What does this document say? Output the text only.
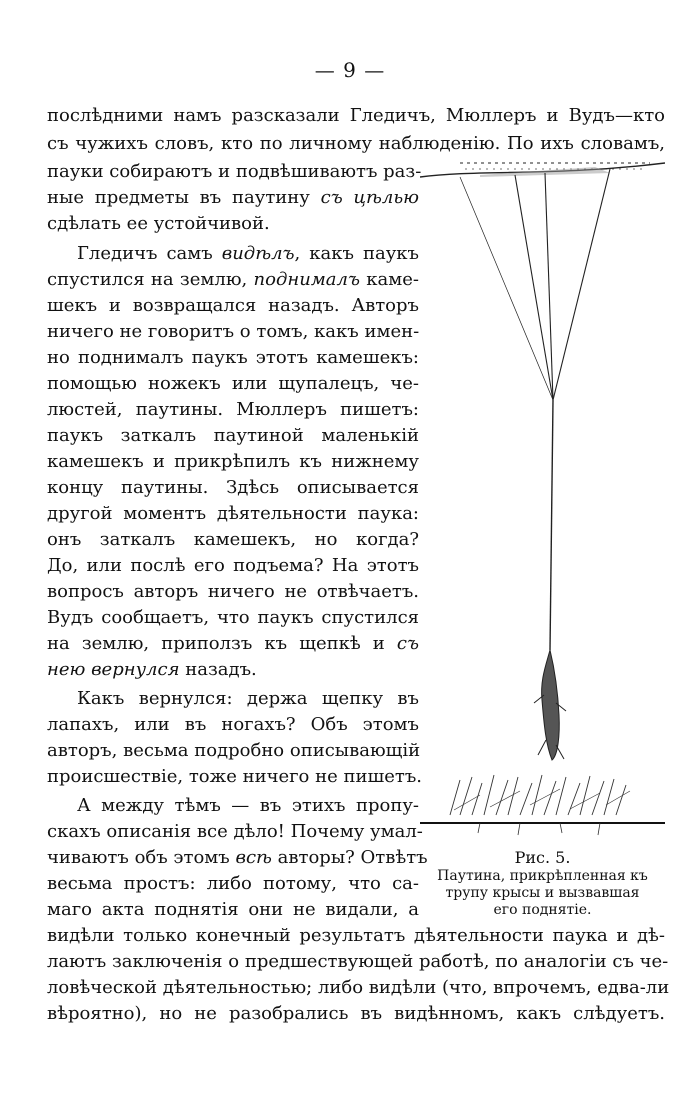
— 9 —
послѣдними намъ разсказали Гледичъ, Мюллеръ и Вудъ—кто
съ чужихъ словъ, кто по личному наблюденію. По ихъ словамъ,
пауки собираютъ и подвѣшиваютъ раз-
ные предметы въ паутину съ цѣлью
сдѣлать ее устойчивой.
Гледичъ самъ видѣлъ, какъ паукъ
спустился на землю, поднималъ каме-
шекъ и возвращался назадъ. Авторъ
ничего не говоритъ о томъ, какъ имен-
но поднималъ паукъ этотъ камешекъ:
помощью ножекъ или щупалецъ, че-
люстей, паутины. Мюллеръ пишетъ:
паукъ заткалъ паутиной маленькій
камешекъ и прикрѣпилъ къ нижнему
концу паутины. Здѣсь описывается
другой моментъ дѣятельности паука:
онъ заткалъ камешекъ, но когда?
До, или послѣ его подъема? На этотъ
вопросъ авторъ ничего не отвѣчаетъ.
Вудъ сообщаетъ, что паукъ спустился
на землю, приползъ къ щепкѣ и съ
нею вернулся назадъ.
Какъ вернулся: держа щепку въ
лапахъ, или въ ногахъ? Объ этомъ
авторъ, весьма подробно описывающій
происшествіе, тоже ничего не пишетъ.
А между тѣмъ — въ этихъ пропу-
скахъ описанія все дѣло! Почему умал-
чиваютъ объ этомъ всѣ авторы? Отвѣтъ
весьма простъ: либо потому, что са-
маго акта поднятія они не видали, а
видѣли только конечный результатъ дѣятельности паука и дѣ-
лаютъ заключенія о предшествующей работѣ, по аналогіи съ че-
ловѣческой дѣятельностью; либо видѣли (что, впрочемъ, едва-ли
вѣроятно), но не разобрались въ видѣнномъ, какъ слѣдуетъ.
Рис. 5.
Паутина, прикрѣпленная къ
трупу крысы и вызвавшая
его поднятіе.
